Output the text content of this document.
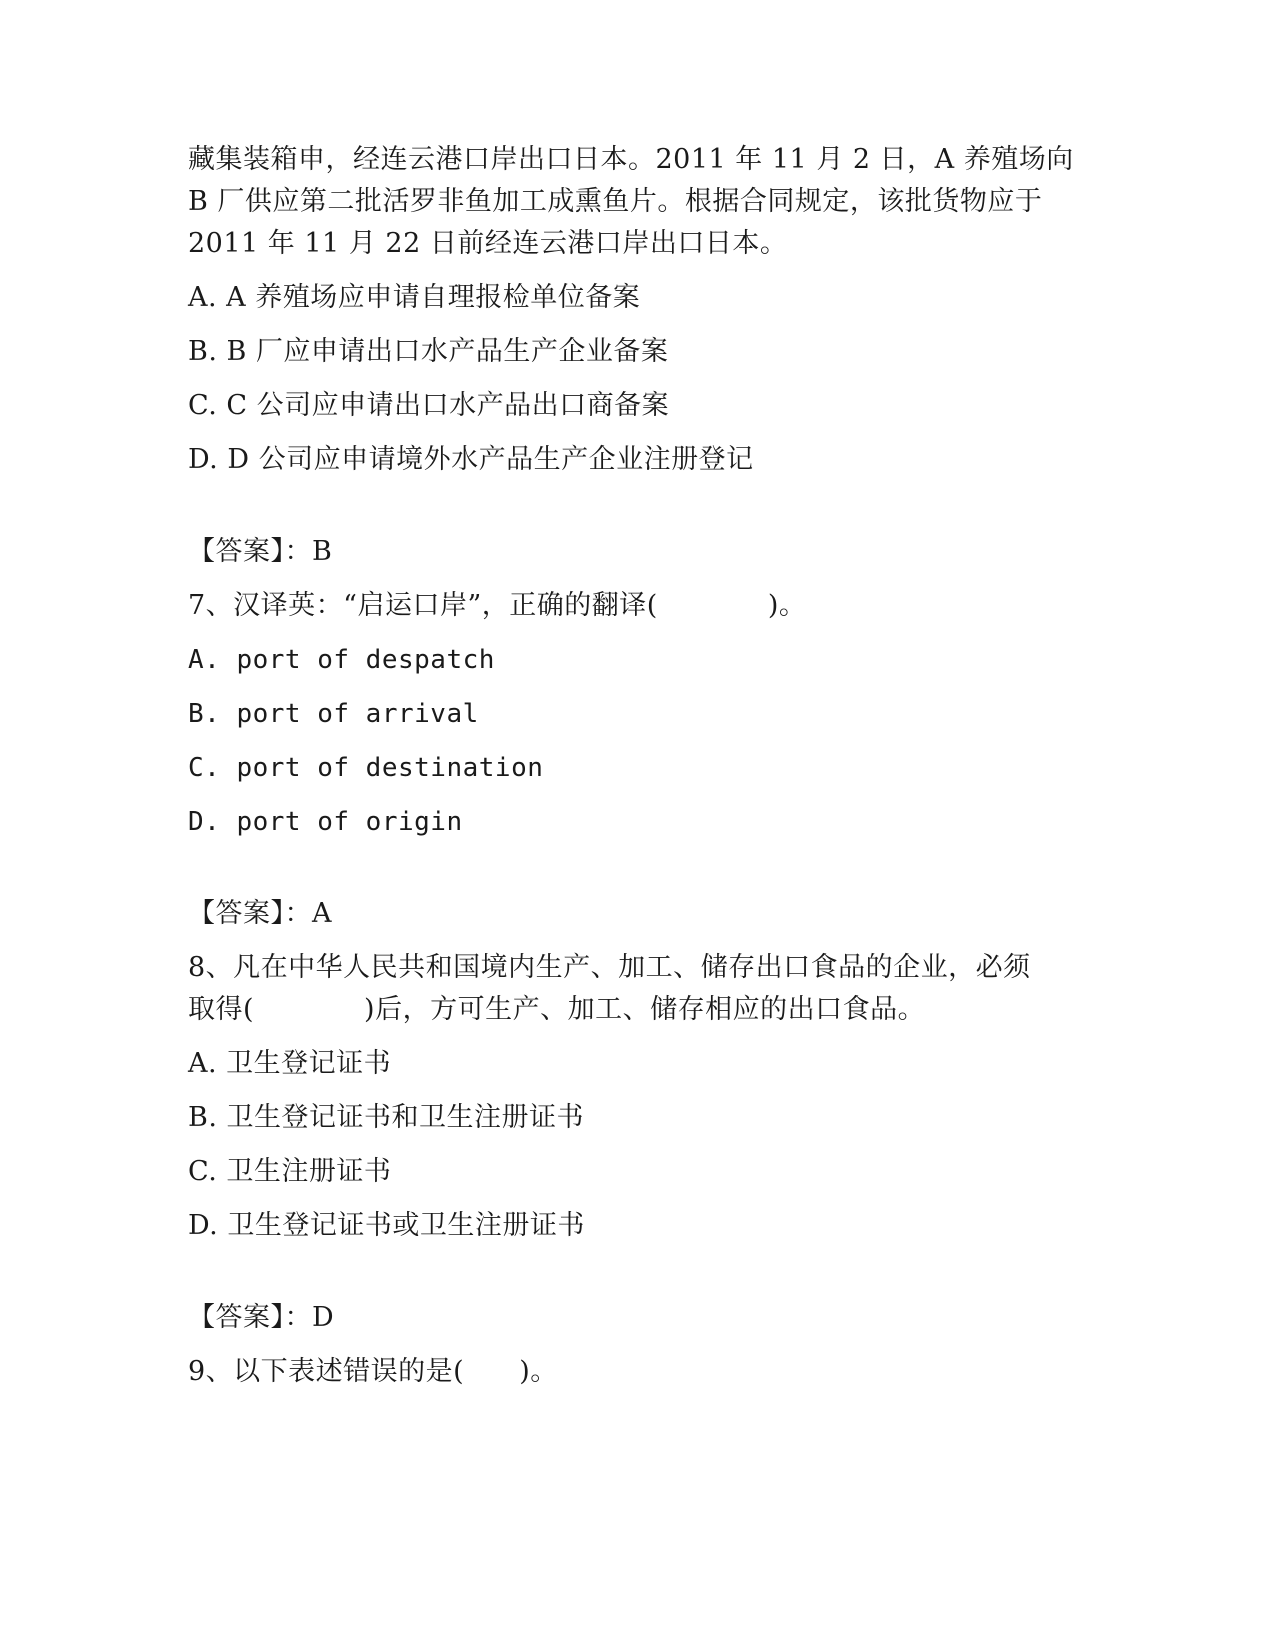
藏集装箱申，经连云港口岸出口日本。2011 年 11 月 2 日，A 养殖场向
B 厂供应第二批活罗非鱼加工成熏鱼片。根据合同规定，该批货物应于
2011 年 11 月 22 日前经连云港口岸出口日本。
A. A 养殖场应申请自理报检单位备案
B. B 厂应申请出口水产品生产企业备案
C. C 公司应申请出口水产品出口商备案
D. D 公司应申请境外水产品生产企业注册登记
【答案】：B
7、汉译英：“启运口岸”，正确的翻译(　　　　)。
A. port of despatch
B. port of arrival
C. port of destination
D. port of origin
【答案】：A
8、凡在中华人民共和国境内生产、加工、储存出口食品的企业，必须
取得(　　　　)后，方可生产、加工、储存相应的出口食品。
A. 卫生登记证书
B. 卫生登记证书和卫生注册证书
C. 卫生注册证书
D. 卫生登记证书或卫生注册证书
【答案】：D
9、以下表述错误的是(　　)。
